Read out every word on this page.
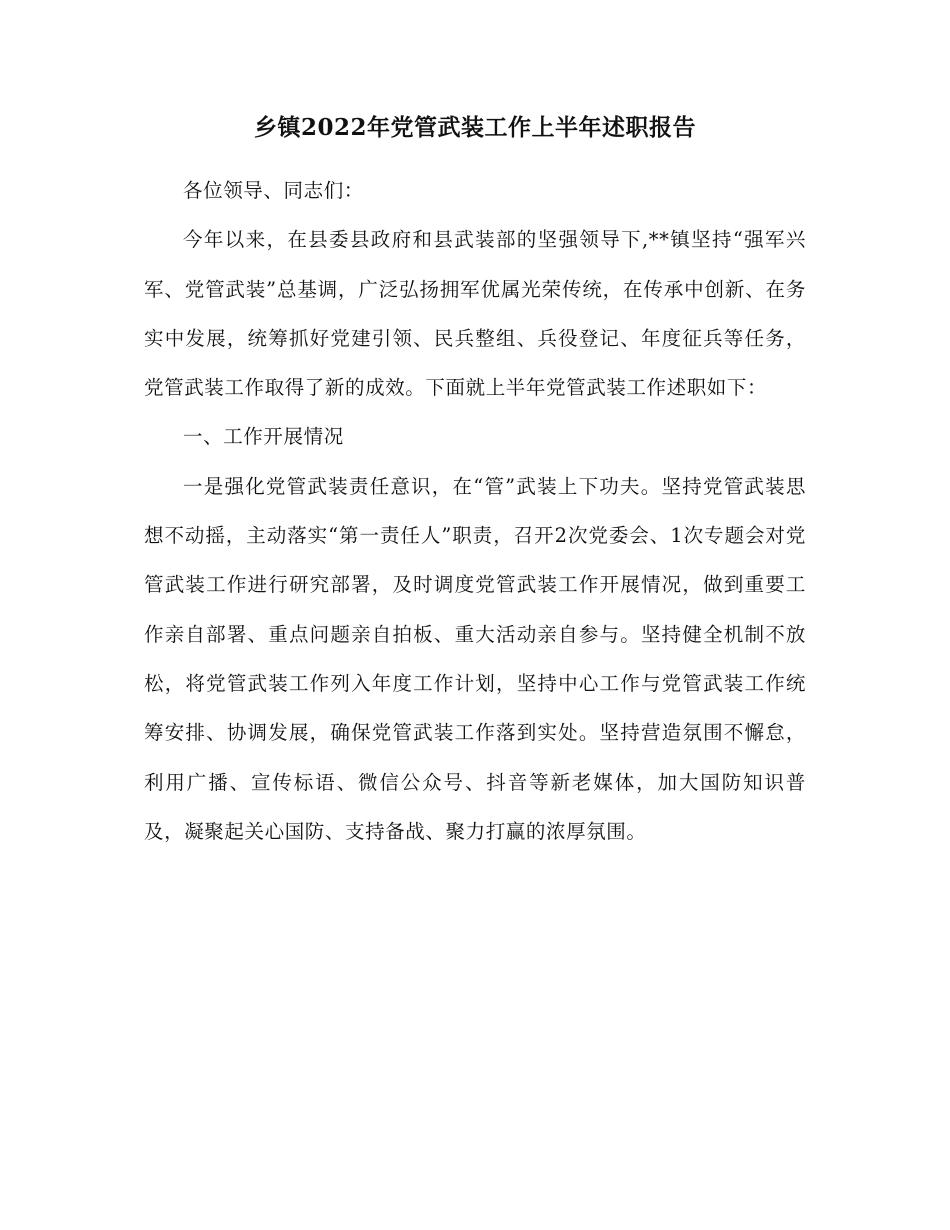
乡镇2022年党管武装工作上半年述职报告

各位领导、同志们：

今年以来，在县委县政府和县武装部的坚强领导下,**镇坚持“强军兴军、党管武装”总基调，广泛弘扬拥军优属光荣传统，在传承中创新、在务实中发展，统筹抓好党建引领、民兵整组、兵役登记、年度征兵等任务，党管武装工作取得了新的成效。下面就上半年党管武装工作述职如下：

一、工作开展情况

一是强化党管武装责任意识，在“管”武装上下功夫。坚持党管武装思想不动摇，主动落实“第一责任人”职责，召开2次党委会、1次专题会对党管武装工作进行研究部署，及时调度党管武装工作开展情况，做到重要工作亲自部署、重点问题亲自拍板、重大活动亲自参与。坚持健全机制不放松，将党管武装工作列入年度工作计划，坚持中心工作与党管武装工作统筹安排、协调发展，确保党管武装工作落到实处。坚持营造氛围不懈怠，利用广播、宣传标语、微信公众号、抖音等新老媒体，加大国防知识普及，凝聚起关心国防、支持备战、聚力打赢的浓厚氛围。
